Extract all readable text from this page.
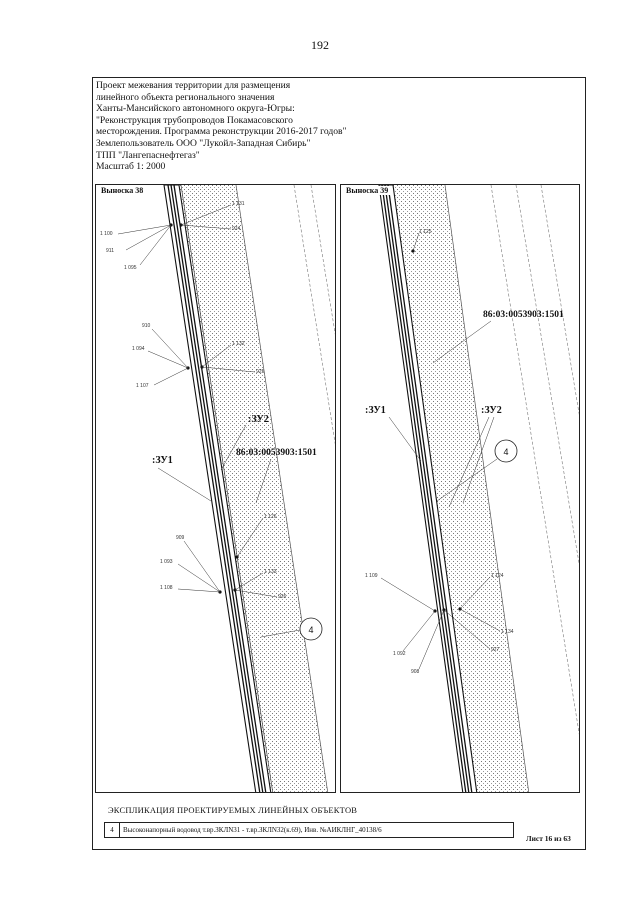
192
Проект межевания территории для размещения
линейного объекта регионального значения
Ханты-Мансийского автономного округа-Югры:
"Реконструкция трубопроводов Покамасовского
месторождения. Программа реконструкции 2016-2017 годов"
Землепользователь ООО "Лукойл-Западная Сибирь"
ТПП "Лангепаснефтегаз"
Масштаб 1: 2000
1 131
1 100
911
1 095
924
910
1 094
1 132
1 107
925
:ЗУ2
86:03:0053903:1501
:ЗУ1
1 126
909
1 093
1 108
1 133
926
4
Выноска 38
1 125
86:03:0053903:1501
:ЗУ1	:ЗУ2
4
1 109	1 124
1 134
927
1 092
908
Выноска 39
ЭКСПЛИКАЦИЯ ПРОЕКТИРУЕМЫХ ЛИНЕЙНЫХ ОБЪЕКТОВ
4	Высоконапорный водовод т.вр.ЗКЛN31 - т.вр.ЗКЛN32(к.69), Инв. №АИКЛНГ_40138/6
Лист 16 из 63
